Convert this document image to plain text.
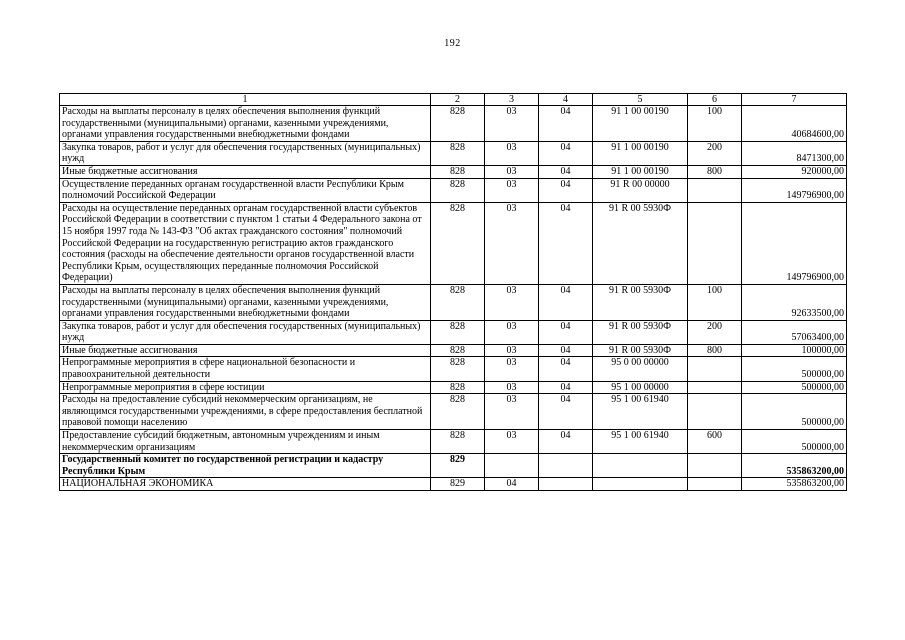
192
1	2	3	4	5	6	7
Расходы на выплаты персоналу в целях обеспечения выполнения функций государственными (муниципальными) органами, казенными учреждениями, органами управления государственными внебюджетными фондами	828	03	04	91 1 00 00190	100	40684600,00
Закупка товаров, работ и услуг для обеспечения государственных (муниципальных) нужд	828	03	04	91 1 00 00190	200	8471300,00
Иные бюджетные ассигнования	828	03	04	91 1 00 00190	800	920000,00
Осуществление переданных органам государственной власти Республики Крым полномочий Российской Федерации	828	03	04	91 R 00 00000		149796900,00
Расходы на осуществление переданных органам государственной власти субъектов Российской Федерации в соответствии с пунктом 1 статьи 4 Федерального закона от 15 ноября 1997 года № 143-ФЗ "Об актах гражданского состояния" полномочий Российской Федерации на государственную регистрацию актов гражданского состояния (расходы на обеспечение деятельности органов государственной власти Республики Крым, осуществляющих переданные полномочия Российской Федерации)	828	03	04	91 R 00 5930Ф		149796900,00
Расходы на выплаты персоналу в целях обеспечения выполнения функций государственными (муниципальными) органами, казенными учреждениями, органами управления государственными внебюджетными фондами	828	03	04	91 R 00 5930Ф	100	92633500,00
Закупка товаров, работ и услуг для обеспечения государственных (муниципальных) нужд	828	03	04	91 R 00 5930Ф	200	57063400,00
Иные бюджетные ассигнования	828	03	04	91 R 00 5930Ф	800	100000,00
Непрограммные мероприятия в сфере национальной безопасности и правоохранительной деятельности	828	03	04	95 0 00 00000		500000,00
Непрограммные мероприятия в сфере юстиции	828	03	04	95 1 00 00000		500000,00
Расходы на предоставление субсидий некоммерческим организациям, не являющимся государственными учреждениями, в сфере предоставления бесплатной правовой помощи населению	828	03	04	95 1 00 61940		500000,00
Предоставление субсидий бюджетным, автономным учреждениям и иным некоммерческим организациям	828	03	04	95 1 00 61940	600	500000,00
Государственный комитет по государственной регистрации и кадастру Республики Крым	829					535863200,00
НАЦИОНАЛЬНАЯ ЭКОНОМИКА	829	04				535863200,00
